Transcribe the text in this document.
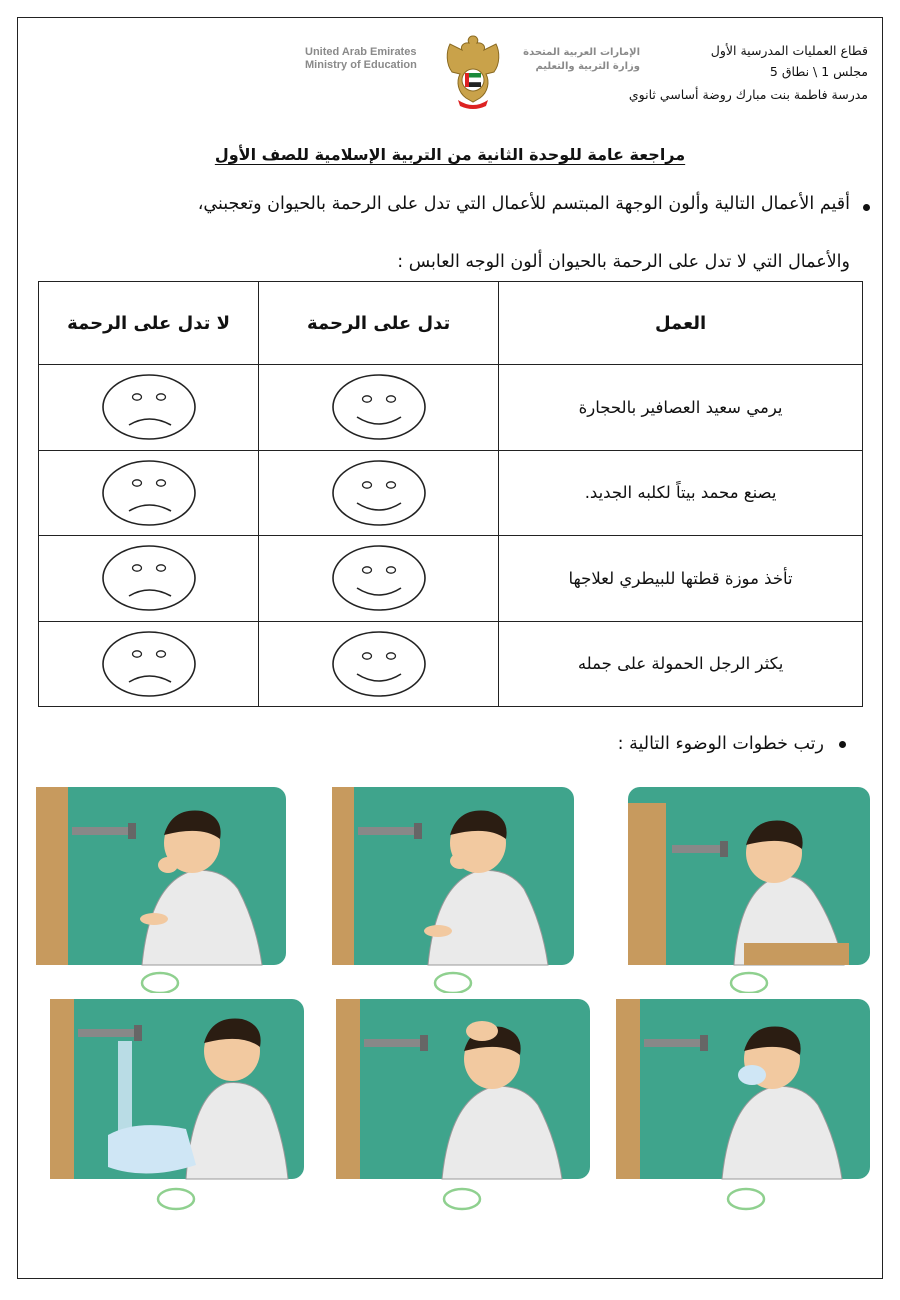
قطاع العمليات المدرسية الأول
مجلس 1 \ نطاق 5
مدرسة فاطمة بنت مبارك روضة أساسي ثانوي
United Arab Emirates
Ministry of Education
الإمارات العربية المتحدة
وزارة التربية والتعليم
مراجعة عامة للوحدة الثانية من التربية الإسلامية للصف الأول
أقيم الأعمال التالية وألون الوجهة المبتسم للأعمال التي تدل على الرحمة بالحيوان وتعجبني،
والأعمال التي لا تدل على الرحمة بالحيوان ألون الوجه العابس :
العمل	تدل على الرحمة	لا تدل على الرحمة
يرمي سعيد العصافير بالحجارة	

يصنع محمد بيتاً لكلبه الجديد.	

تأخذ موزة قطتها للبيطري لعلاجها	

يكثر الرجل الحمولة على جمله	

رتب خطوات الوضوء التالية :
